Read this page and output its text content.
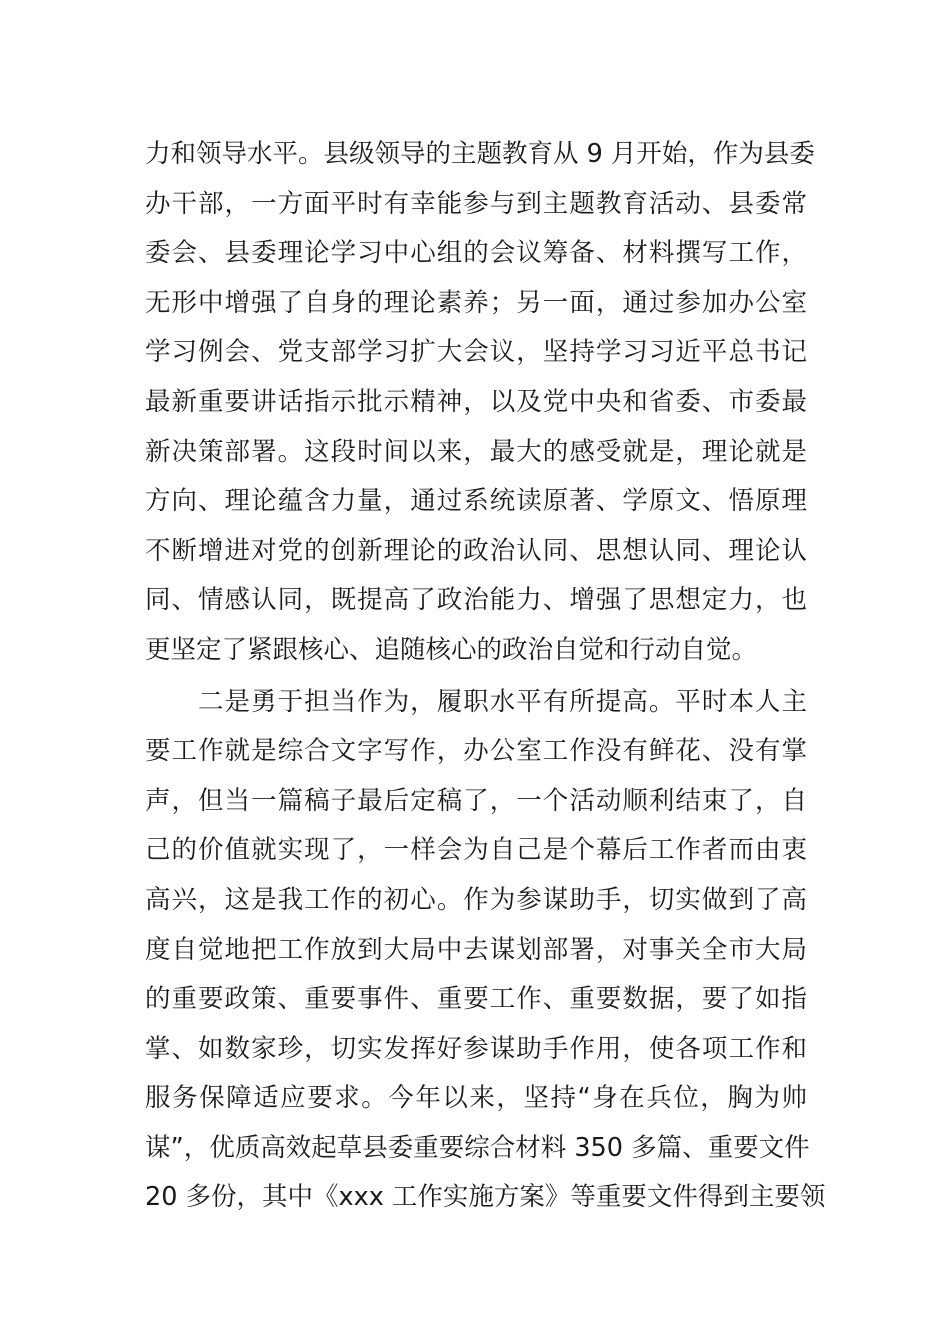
力和领导水平。县级领导的主题教育从 9 月开始，作为县委
办干部，一方面平时有幸能参与到主题教育活动、县委常
委会、县委理论学习中心组的会议筹备、材料撰写工作，
无形中增强了自身的理论素养；另一面，通过参加办公室
学习例会、党支部学习扩大会议，坚持学习习近平总书记
最新重要讲话指示批示精神，以及党中央和省委、市委最
新决策部署。这段时间以来，最大的感受就是，理论就是
方向、理论蕴含力量，通过系统读原著、学原文、悟原理
不断增进对党的创新理论的政治认同、思想认同、理论认
同、情感认同，既提高了政治能力、增强了思想定力，也
更坚定了紧跟核心、追随核心的政治自觉和行动自觉。
二是勇于担当作为，履职水平有所提高。平时本人主
要工作就是综合文字写作，办公室工作没有鲜花、没有掌
声，但当一篇稿子最后定稿了，一个活动顺利结束了，自
己的价值就实现了，一样会为自己是个幕后工作者而由衷
高兴，这是我工作的初心。作为参谋助手，切实做到了高
度自觉地把工作放到大局中去谋划部署，对事关全市大局
的重要政策、重要事件、重要工作、重要数据，要了如指
掌、如数家珍，切实发挥好参谋助手作用，使各项工作和
服务保障适应要求。今年以来，坚持“身在兵位，胸为帅
谋”，优质高效起草县委重要综合材料 350 多篇、重要文件
20 多份，其中《xxx 工作实施方案》等重要文件得到主要领
